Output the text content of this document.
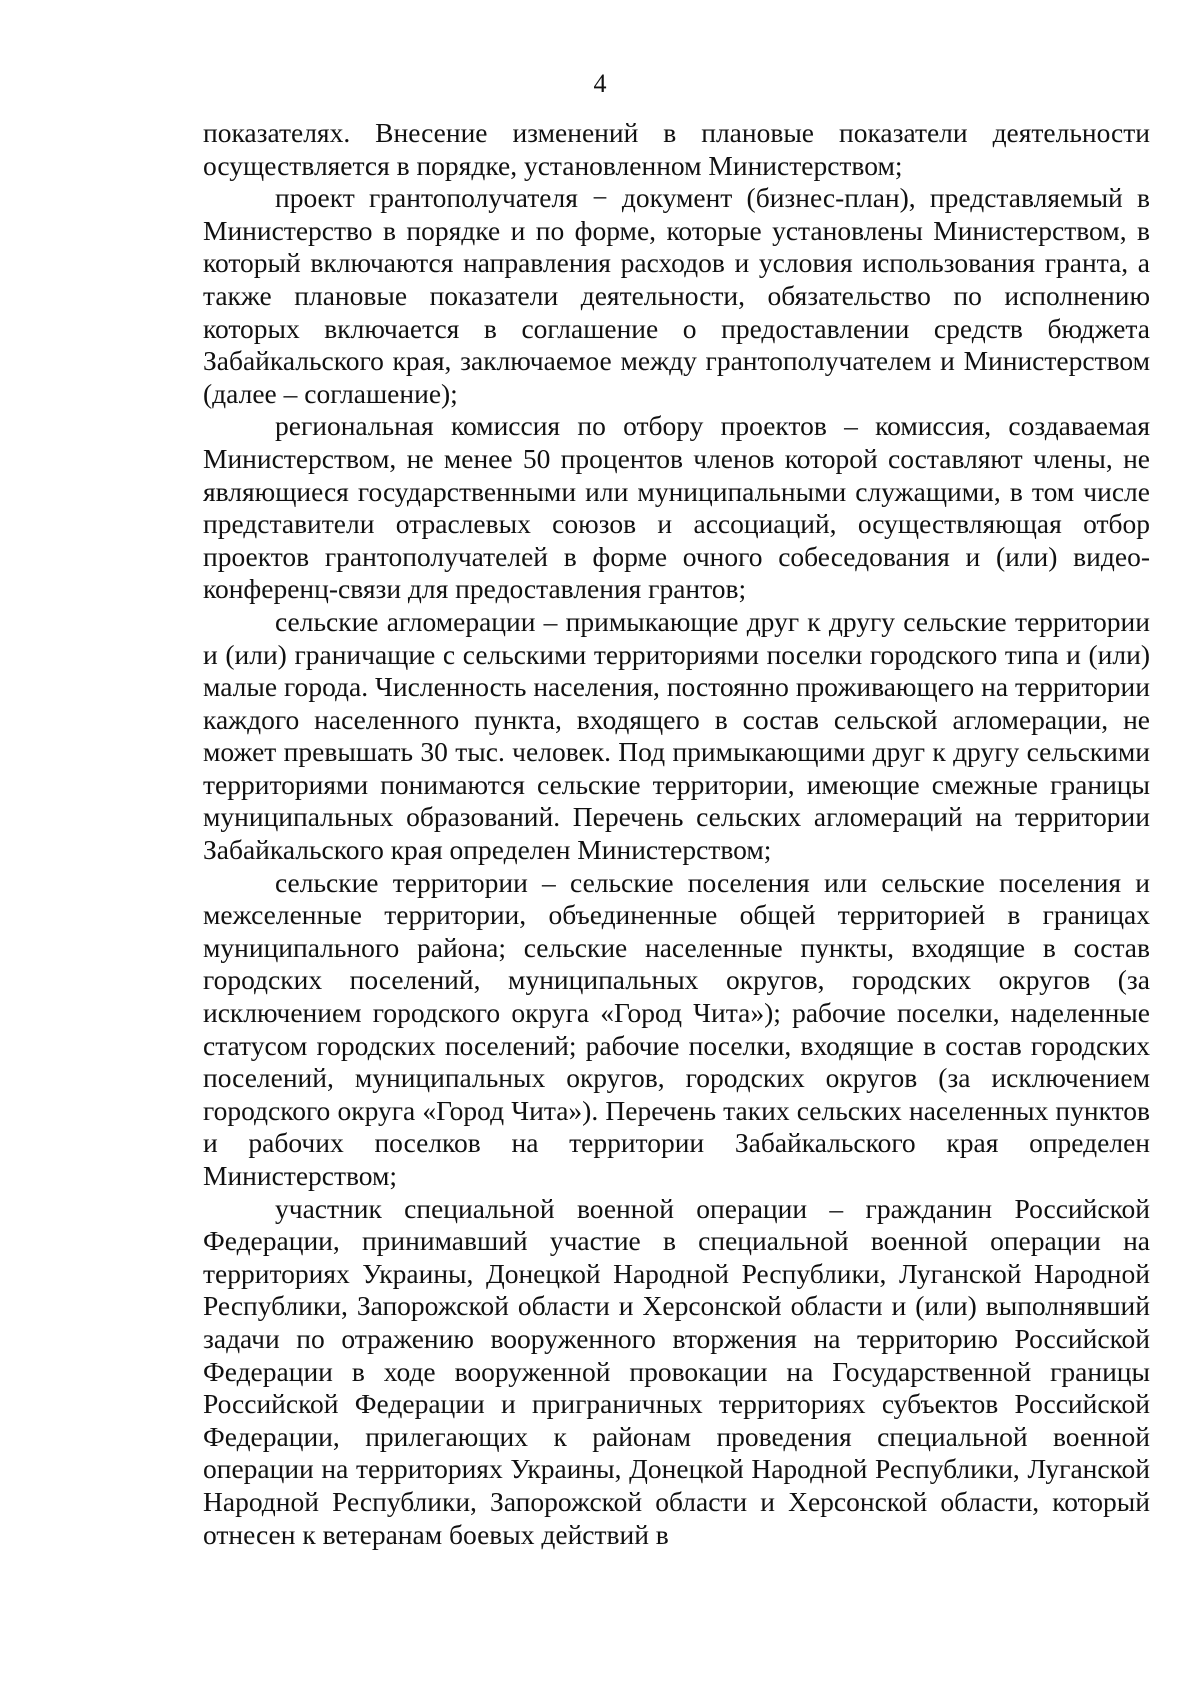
4

показателях. Внесение изменений в плановые показатели деятельности осуществляется в порядке, установленном Министерством;

проект грантополучателя − документ (бизнес-план), представляемый в Министерство в порядке и по форме, которые установлены Министерством, в который включаются направления расходов и условия использования гранта, а также плановые показатели деятельности, обязательство по исполнению которых включается в соглашение о предоставлении средств бюджета Забайкальского края, заключаемое между грантополучателем и Министерством (далее – соглашение);

региональная комиссия по отбору проектов – комиссия, создаваемая Министерством, не менее 50 процентов членов которой составляют члены, не являющиеся государственными или муниципальными служащими, в том числе представители отраслевых союзов и ассоциаций, осуществляющая отбор проектов грантополучателей в форме очного собеседования и (или) видео-конференц-связи для предоставления грантов;

сельские агломерации – примыкающие друг к другу сельские территории и (или) граничащие с сельскими территориями поселки городского типа и (или) малые города. Численность населения, постоянно проживающего на территории каждого населенного пункта, входящего в состав сельской агломерации, не может превышать 30 тыс. человек. Под примыкающими друг к другу сельскими территориями понимаются сельские территории, имеющие смежные границы муниципальных образований. Перечень сельских агломераций на территории Забайкальского края определен Министерством;

сельские территории – сельские поселения или сельские поселения и межселенные территории, объединенные общей территорией в границах муниципального района; сельские населенные пункты, входящие в состав городских поселений, муниципальных округов, городских округов (за исключением городского округа «Город Чита»); рабочие поселки, наделенные статусом городских поселений; рабочие поселки, входящие в состав городских поселений, муниципальных округов, городских округов (за исключением городского округа «Город Чита»). Перечень таких сельских населенных пунктов и рабочих поселков на территории Забайкальского края определен Министерством;

участник специальной военной операции – гражданин Российской Федерации, принимавший участие в специальной военной операции на территориях Украины, Донецкой Народной Республики, Луганской Народной Республики, Запорожской области и Херсонской области и (или) выполнявший задачи по отражению вооруженного вторжения на территорию Российской Федерации в ходе вооруженной провокации на Государственной границы Российской Федерации и приграничных территориях субъектов Российской Федерации, прилегающих к районам проведения специальной военной операции на территориях Украины, Донецкой Народной Республики, Луганской Народной Республики, Запорожской области и Херсонской области, который отнесен к ветеранам боевых действий в
